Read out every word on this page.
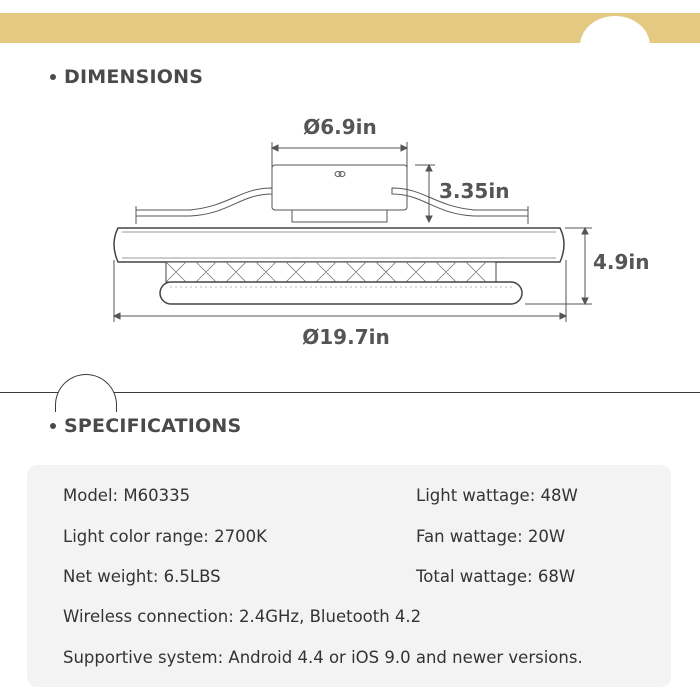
DIMENSIONS
Ø6.9in
3.35in
4.9in
Ø19.7in
SPECIFICATIONS
Model: M60335	Light wattage: 48W
Light color range: 2700K	Fan wattage: 20W
Net weight: 6.5LBS	Total wattage: 68W
Wireless connection: 2.4GHz, Bluetooth 4.2
Supportive system: Android 4.4 or iOS 9.0 and newer versions.
